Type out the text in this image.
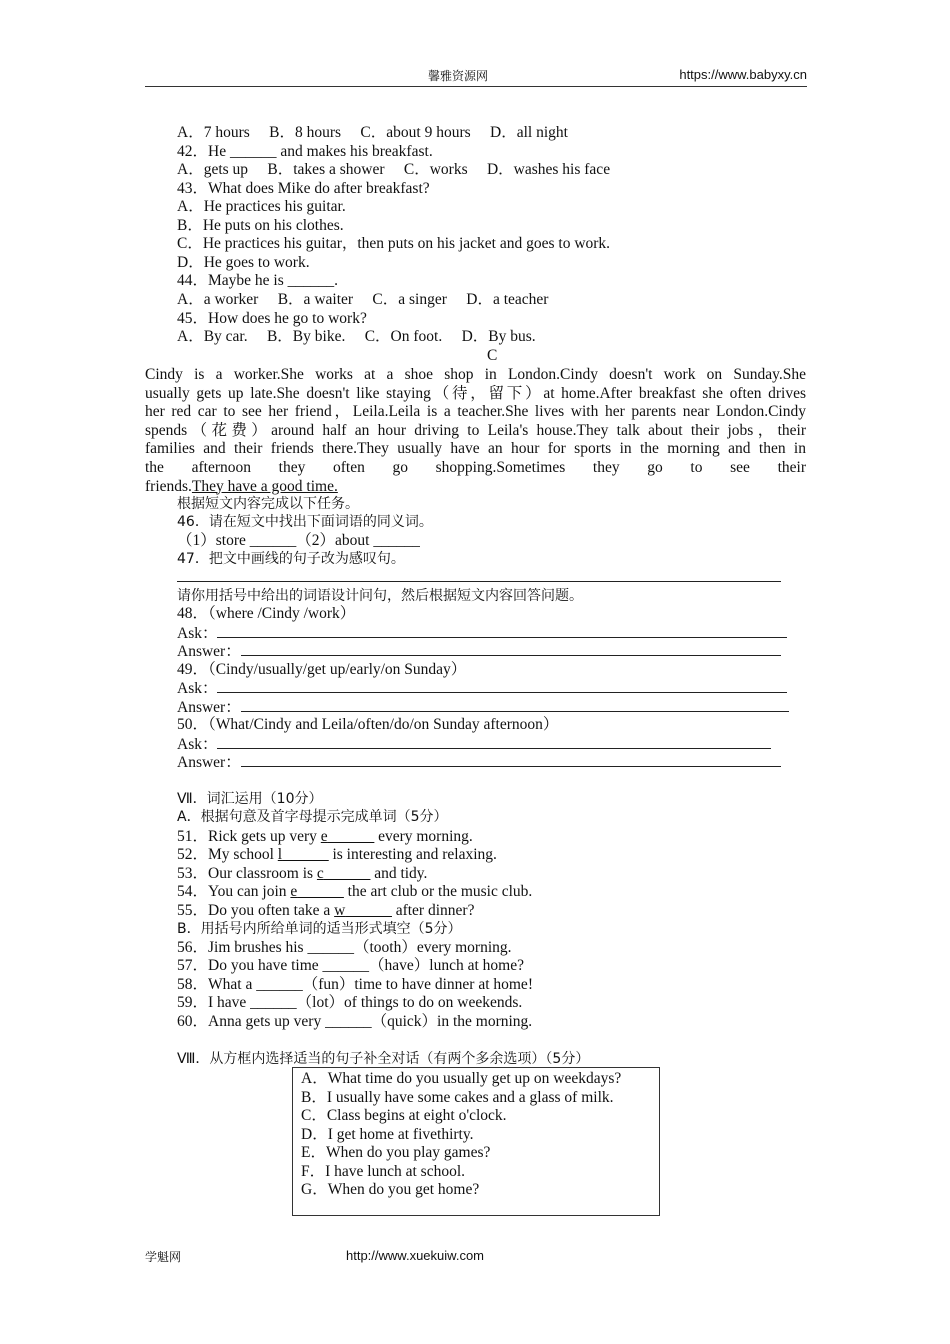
馨雅资源网	https://www.babyxy.cn
A．7 hours　 B．8 hours　 C．about 9 hours　 D．all night
42．He ______ and makes his breakfast.
A．gets up　 B．takes a shower　 C．works　 D．washes his face
43．What does Mike do after breakfast?
A．He practices his guitar.
B．He puts on his clothes.
C．He practices his guitar，then puts on his jacket and goes to work.
D．He goes to work.
44．Maybe he is ______.
A．a worker　 B．a waiter　 C．a singer　 D．a teacher
45．How does he go to work?
A．By car.　 B．By bike.　 C．On foot.　 D．By bus.
C
Cindy is a worker.She works at a shoe shop in London.Cindy doesn't work on Sunday.She
usually gets up late.She doesn't like staying（待，留下）at home.After breakfast she often drives
her red car to see her friend，Leila.Leila is a teacher.She lives with her parents near London.Cindy
spends（花费）around half an hour driving to Leila's house.They talk about their jobs，their
families and their friends there.They usually have an hour for sports in the morning and then in
the afternoon they often go shopping.Sometimes they go to see their
friends.They have a good time.
根据短文内容完成以下任务。
46．请在短文中找出下面词语的同义词。
（1）store ______（2）about ______
47．把文中画线的句子改为感叹句。
请你用括号中给出的词语设计问句，然后根据短文内容回答问题。
48．（where /Cindy /work）
Ask：
Answer：
49．（Cindy/usually/get up/early/on Sunday）
Ask：
Answer：
50．（What/Cindy and Leila/often/do/on Sunday afternoon）
Ask：
Answer：
Ⅶ．词汇运用（10分）
A．根据句意及首字母提示完成单词（5分）
51．Rick gets up very e______ every morning.
52．My school l______ is interesting and relaxing.
53．Our classroom is c______ and tidy.
54．You can join e______ the art club or the music club.
55．Do you often take a w______ after dinner?
B．用括号内所给单词的适当形式填空（5分）
56．Jim brushes his ______（tooth）every morning.
57．Do you have time ______（have）lunch at home?
58．What a ______（fun）time to have dinner at home!
59．I have ______（lot）of things to do on weekends.
60．Anna gets up very ______（quick）in the morning.
Ⅷ．从方框内选择适当的句子补全对话（有两个多余选项）（5分）
A．What time do you usually get up on weekdays?
B．I usually have some cakes and a glass of milk.
C．Class begins at eight o'clock.
D．I get home at fivethirty.
E．When do you play games?
F．I have lunch at school.
G．When do you get home?
学魁网	http://www.xuekuiw.com
